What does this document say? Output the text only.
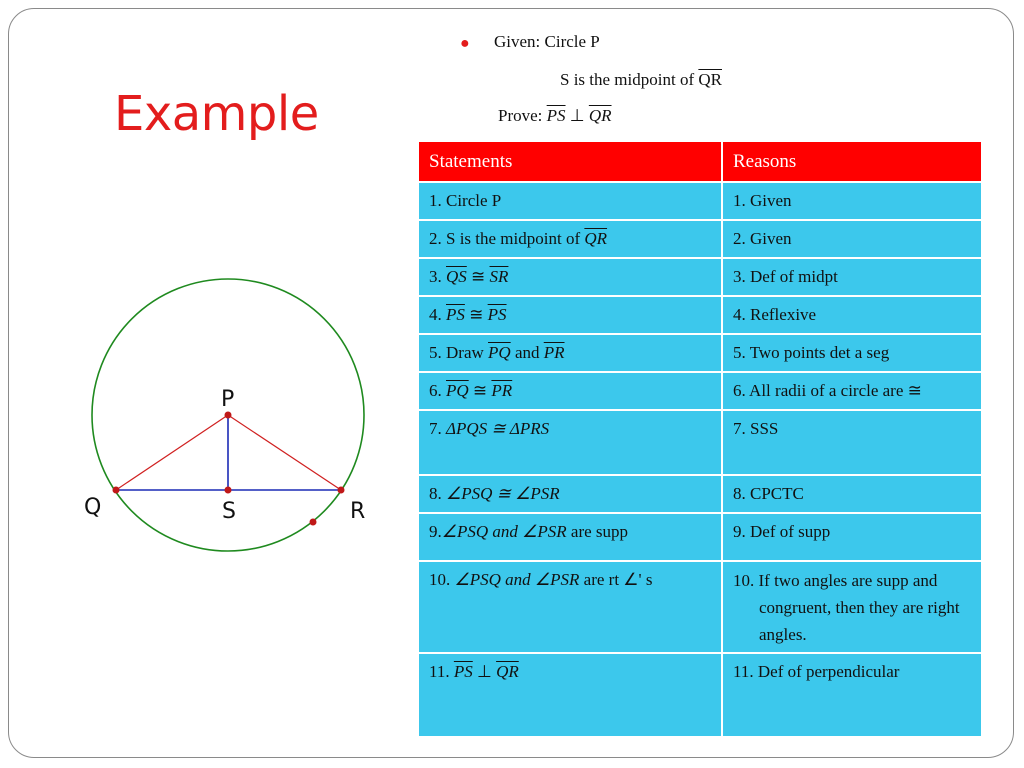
Example
● Given: Circle P
S is the midpoint of $\overline{QR}$
Prove: $\overline{PS}$ ⊥ $\overline{QR}$
Statements	Reasons
1. Circle P	1. Given
2. S is the midpoint of $\overline{QR}$	2. Given
3. $\overline{QS}$ ≅ $\overline{SR}$	3. Def of midpt
4. $\overline{PS}$ ≅ $\overline{PS}$	4. Reflexive
5. Draw $\overline{PQ}$ and $\overline{PR}$	5. Two points det a seg
6. $\overline{PQ}$ ≅ $\overline{PR}$	6. All radii of a circle are ≅
7. ΔPQS ≅ ΔPRS	7. SSS
8. ∠PSQ ≅ ∠PSR	8. CPCTC
9.∠PSQ and ∠PSR are supp	9. Def of supp
10. ∠PSQ and ∠PSR are rt ∠' s	10. If two angles are supp and congruent, then they are right angles.
11. $\overline{PS}$ ⊥ $\overline{QR}$	11. Def of perpendicular
P
Q	S	R
